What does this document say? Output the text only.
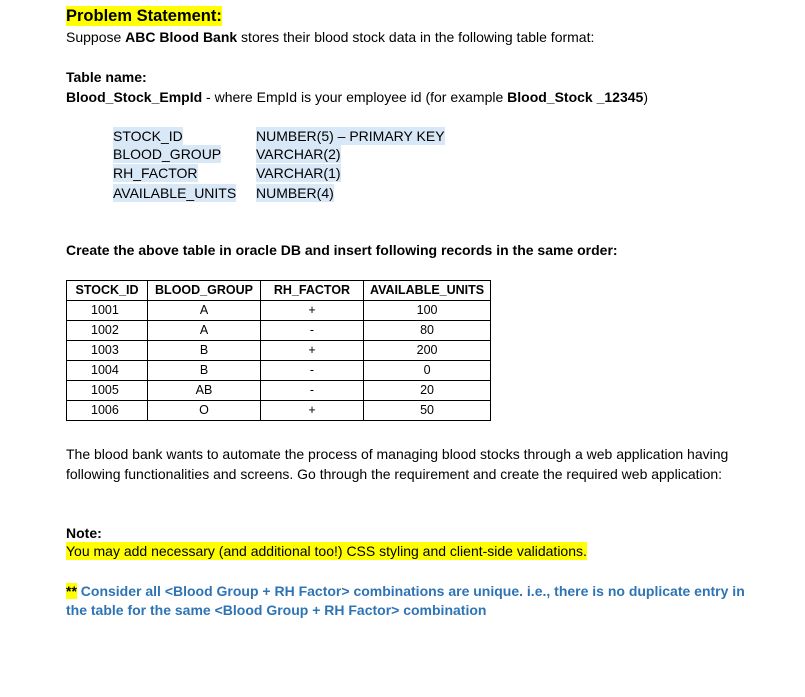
Problem Statement:
Suppose ABC Blood Bank stores their blood stock data in the following table format:
Table name:
Blood_Stock_EmpId - where EmpId is your employee id (for example Blood_Stock _12345)
STOCK_ID	NUMBER(5) – PRIMARY KEY
BLOOD_GROUP VARCHAR(2)
RH_FACTOR	VARCHAR(1)
AVAILABLE_UNITS NUMBER(4)
Create the above table in oracle DB and insert following records in the same order:
STOCK_ID	BLOOD_GROUP	RH_FACTOR	AVAILABLE_UNITS
1001	A	+	100
1002	A	-	80
1003	B	+	200
1004	B	-	0
1005	AB	-	20
1006	O	+	50
The blood bank wants to automate the process of managing blood stocks through a web application having following functionalities and screens. Go through the requirement and create the required web application:
Note:
You may add necessary (and additional too!) CSS styling and client-side validations.
** Consider all <Blood Group + RH Factor> combinations are unique. i.e., there is no duplicate entry in the table for the same <Blood Group + RH Factor> combination
